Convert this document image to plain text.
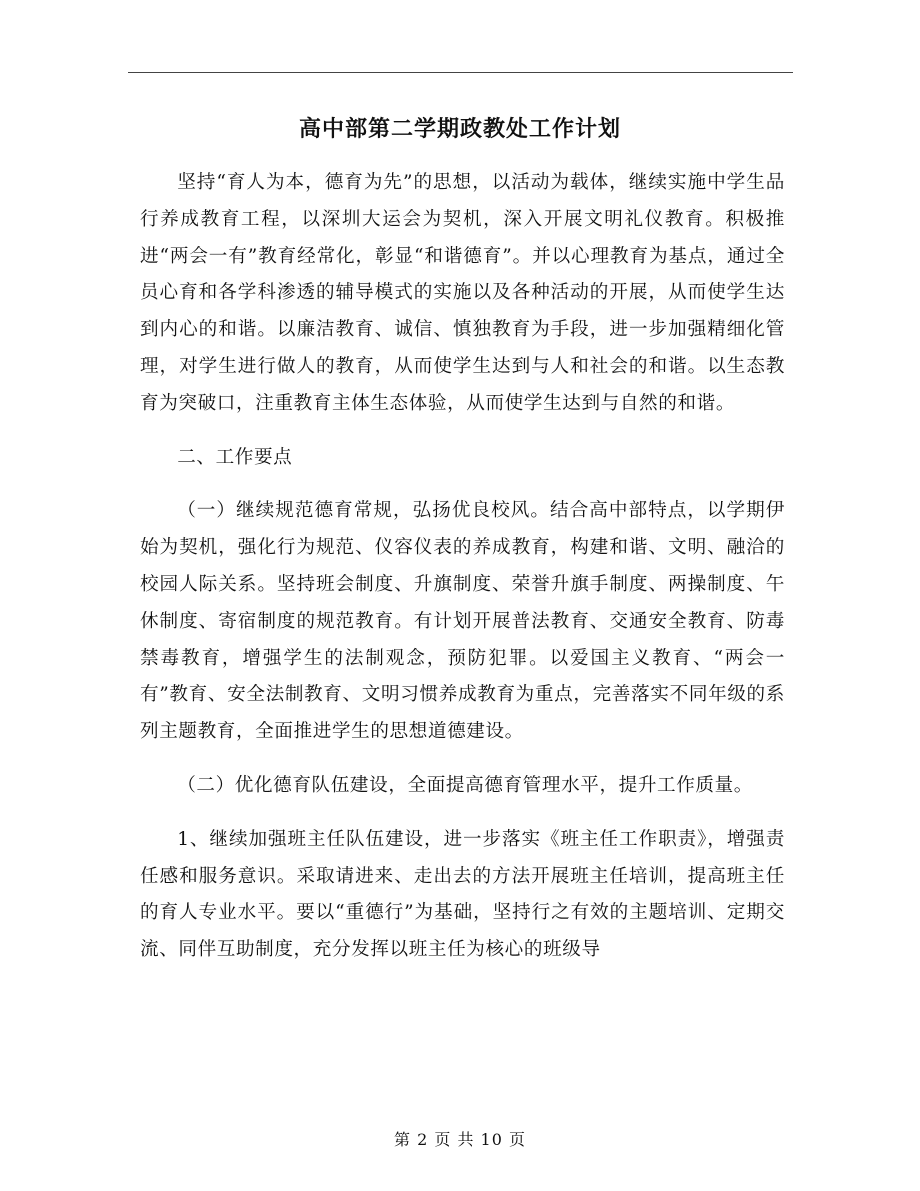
高中部第二学期政教处工作计划

坚持“育人为本，德育为先”的思想，以活动为载体，继续实施中学生品行养成教育工程，以深圳大运会为契机，深入开展文明礼仪教育。积极推进“两会一有”教育经常化，彰显“和谐德育”。并以心理教育为基点，通过全员心育和各学科渗透的辅导模式的实施以及各种活动的开展，从而使学生达到内心的和谐。以廉洁教育、诚信、慎独教育为手段，进一步加强精细化管理，对学生进行做人的教育，从而使学生达到与人和社会的和谐。以生态教育为突破口，注重教育主体生态体验，从而使学生达到与自然的和谐。

二、工作要点

（一）继续规范德育常规，弘扬优良校风。结合高中部特点，以学期伊始为契机，强化行为规范、仪容仪表的养成教育，构建和谐、文明、融洽的校园人际关系。坚持班会制度、升旗制度、荣誉升旗手制度、两操制度、午休制度、寄宿制度的规范教育。有计划开展普法教育、交通安全教育、防毒禁毒教育，增强学生的法制观念，预防犯罪。以爱国主义教育、“两会一有”教育、安全法制教育、文明习惯养成教育为重点，完善落实不同年级的系列主题教育，全面推进学生的思想道德建设。

（二）优化德育队伍建设，全面提高德育管理水平，提升工作质量。

1、继续加强班主任队伍建设，进一步落实《班主任工作职责》，增强责任感和服务意识。采取请进来、走出去的方法开展班主任培训，提高班主任的育人专业水平。要以“重德行”为基础，坚持行之有效的主题培训、定期交流、同伴互助制度，充分发挥以班主任为核心的班级导

第 2 页 共 10 页
